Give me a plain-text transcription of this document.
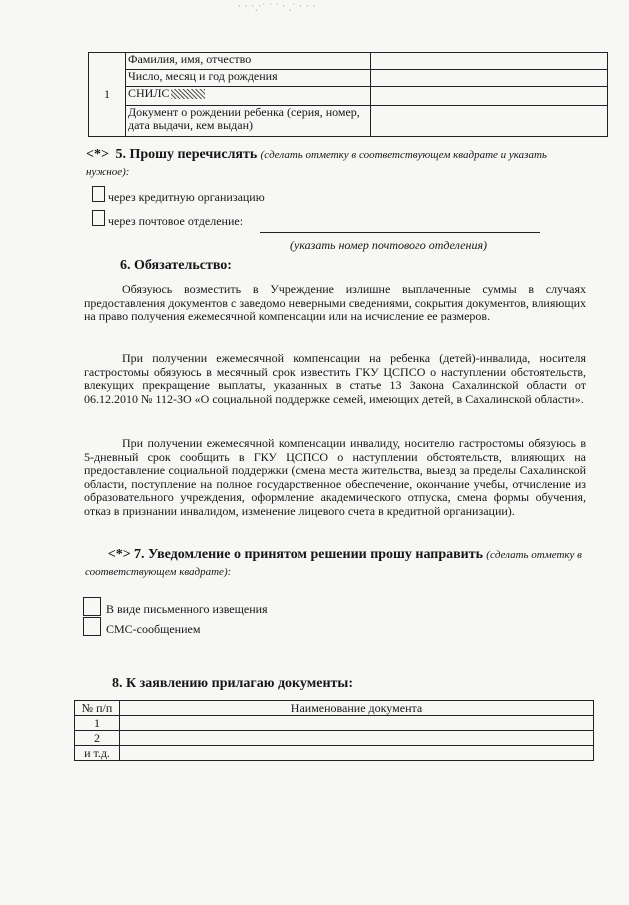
· · ·ˏ·˙ ˙ ˙ · ˏ˙ · · ·
1	Фамилия, имя, отчество	
	Число, месяц и год рождения	
	СНИЛС	
	Документ о рождении ребенка (серия, номер, дата выдачи, кем выдан)	
<*> 5. Прошу перечислять (сделать отметку в соответствующем квадрате и указать нужное):
через кредитную организацию
через почтовое отделение:
(указать номер почтового отделения)
6. Обязательство:
Обязуюсь возместить в Учреждение излишне выплаченные суммы в случаях предоставления документов с заведомо неверными сведениями, сокрытия документов, влияющих на право получения ежемесячной компенсации или на исчисление ее размеров.
При получении ежемесячной компенсации на ребенка (детей)-инвалида, носителя гастростомы обязуюсь в месячный срок известить ГКУ ЦСПСО о наступлении обстоятельств, влекущих прекращение выплаты, указанных в статье 13 Закона Сахалинской области от 06.12.2010 № 112-ЗО «О социальной поддержке семей, имеющих детей, в Сахалинской области».
При получении ежемесячной компенсации инвалиду, носителю гастростомы обязуюсь в 5-дневный срок сообщить в ГКУ ЦСПСО о наступлении обстоятельств, влияющих на предоставление социальной поддержки (смена места жительства, выезд за пределы Сахалинской области, поступление на полное государственное обеспечение, окончание учебы, отчисление из образовательного учреждения, оформление академического отпуска, смена формы обучения, отказ в признании инвалидом, изменение лицевого счета в кредитной организации).
<*> 7. Уведомление о принятом решении прошу направить (сделать отметку в соответствующем квадрате):
В виде письменного извещения
СМС-сообщением
8. К заявлению прилагаю документы:
№ п/п	Наименование документа
1	
2	
и т.д.	
